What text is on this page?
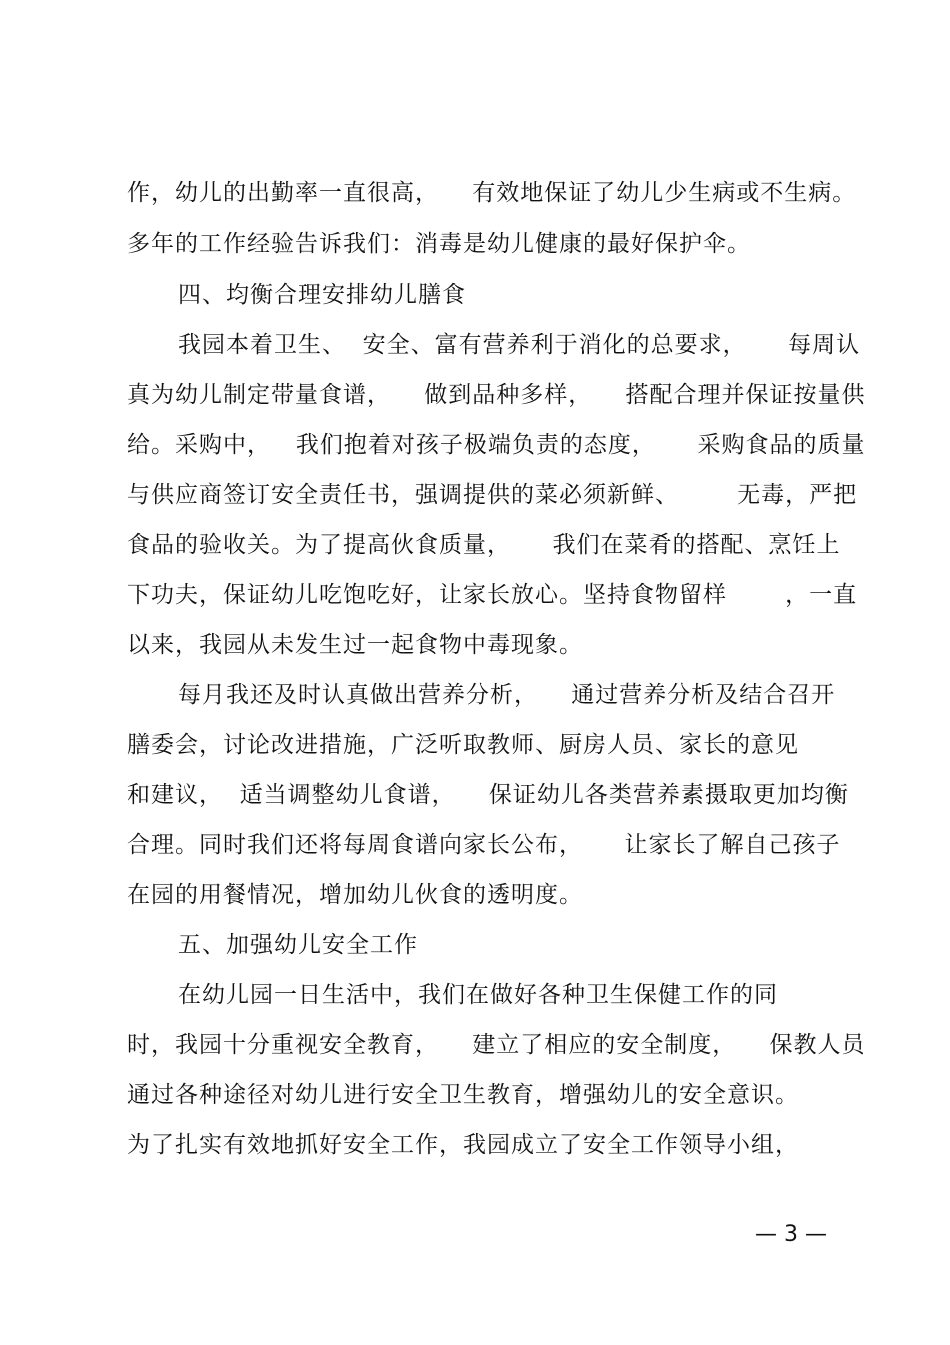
作，幼儿的出勤率一直很高，    有效地保证了幼儿少生病或不生病。
多年的工作经验告诉我们：消毒是幼儿健康的最好保护伞。
四、均衡合理安排幼儿膳食
我园本着卫生、  安全、富有营养利于消化的总要求，     每周认
真为幼儿制定带量食谱，    做到品种多样，    搭配合理并保证按量供
给。采购中，   我们抱着对孩子极端负责的态度，     采购食品的质量
与供应商签订安全责任书，强调提供的菜必须新鲜、       无毒，严把
食品的验收关。为了提高伙食质量，     我们在菜肴的搭配、烹饪上
下功夫，保证幼儿吃饱吃好，让家长放心。坚持食物留样       ，一直
以来，我园从未发生过一起食物中毒现象。
每月我还及时认真做出营养分析，    通过营养分析及结合召开
膳委会，讨论改进措施，广泛听取教师、厨房人员、家长的意见
和建议，  适当调整幼儿食谱，    保证幼儿各类营养素摄取更加均衡
合理。同时我们还将每周食谱向家长公布，     让家长了解自己孩子
在园的用餐情况，增加幼儿伙食的透明度。
五、加强幼儿安全工作
在幼儿园一日生活中，我们在做好各种卫生保健工作的同
时，我园十分重视安全教育，    建立了相应的安全制度，    保教人员
通过各种途径对幼儿进行安全卫生教育，增强幼儿的安全意识。
为了扎实有效地抓好安全工作，我园成立了安全工作领导小组，
— 3 —
